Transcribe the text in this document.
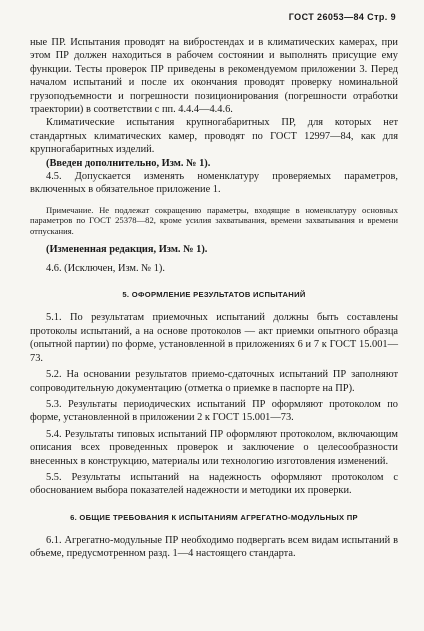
ГОСТ 26053—84 Стр. 9

ные ПР. Испытания проводят на вибростендах и в климатических камерах, при этом ПР должен находиться в рабочем состоянии и выполнять присущие ему функции. Тесты проверок ПР приведены в рекомендуемом приложении 3. Перед началом испытаний и после их окончания проводят проверку номинальной грузоподъемности и погрешности позиционирования (погрешности отработки траектории) в соответствии с пп. 4.4.4—4.4.6.

Климатические испытания крупногабаритных ПР, для которых нет стандартных климатических камер, проводят по ГОСТ 12997—84, как для крупногабаритных изделий.

(Введен дополнительно, Изм. № 1).

4.5. Допускается изменять номенклатуру проверяемых параметров, включенных в обязательное приложение 1.

Примечание. Не подлежат сокращению параметры, входящие в номенклатуру основных параметров по ГОСТ 25378—82, кроме усилия захватывания, времени захватывания и времени отпускания.

(Измененная редакция, Изм. № 1).

4.6. (Исключен, Изм. № 1).

5. ОФОРМЛЕНИЕ РЕЗУЛЬТАТОВ ИСПЫТАНИЙ

5.1. По результатам приемочных испытаний должны быть составлены протоколы испытаний, а на основе протоколов — акт приемки опытного образца (опытной партии) по форме, установленной в приложениях 6 и 7 к ГОСТ 15.001—73.

5.2. На основании результатов приемо-сдаточных испытаний ПР заполняют сопроводительную документацию (отметка о приемке в паспорте на ПР).

5.3. Результаты периодических испытаний ПР оформляют протоколом по форме, установленной в приложении 2 к ГОСТ 15.001—73.

5.4. Результаты типовых испытаний ПР оформляют протоколом, включающим описания всех проведенных проверок и заключение о целесообразности внесенных в конструкцию, материалы или технологию изготовления изменений.

5.5. Результаты испытаний на надежность оформляют протоколом с обоснованием выбора показателей надежности и методики их проверки.

6. ОБЩИЕ ТРЕБОВАНИЯ К ИСПЫТАНИЯМ АГРЕГАТНО-МОДУЛЬНЫХ ПР

6.1. Агрегатно-модульные ПР необходимо подвергать всем видам испытаний в объеме, предусмотренном разд. 1—4 настоящего стандарта.
